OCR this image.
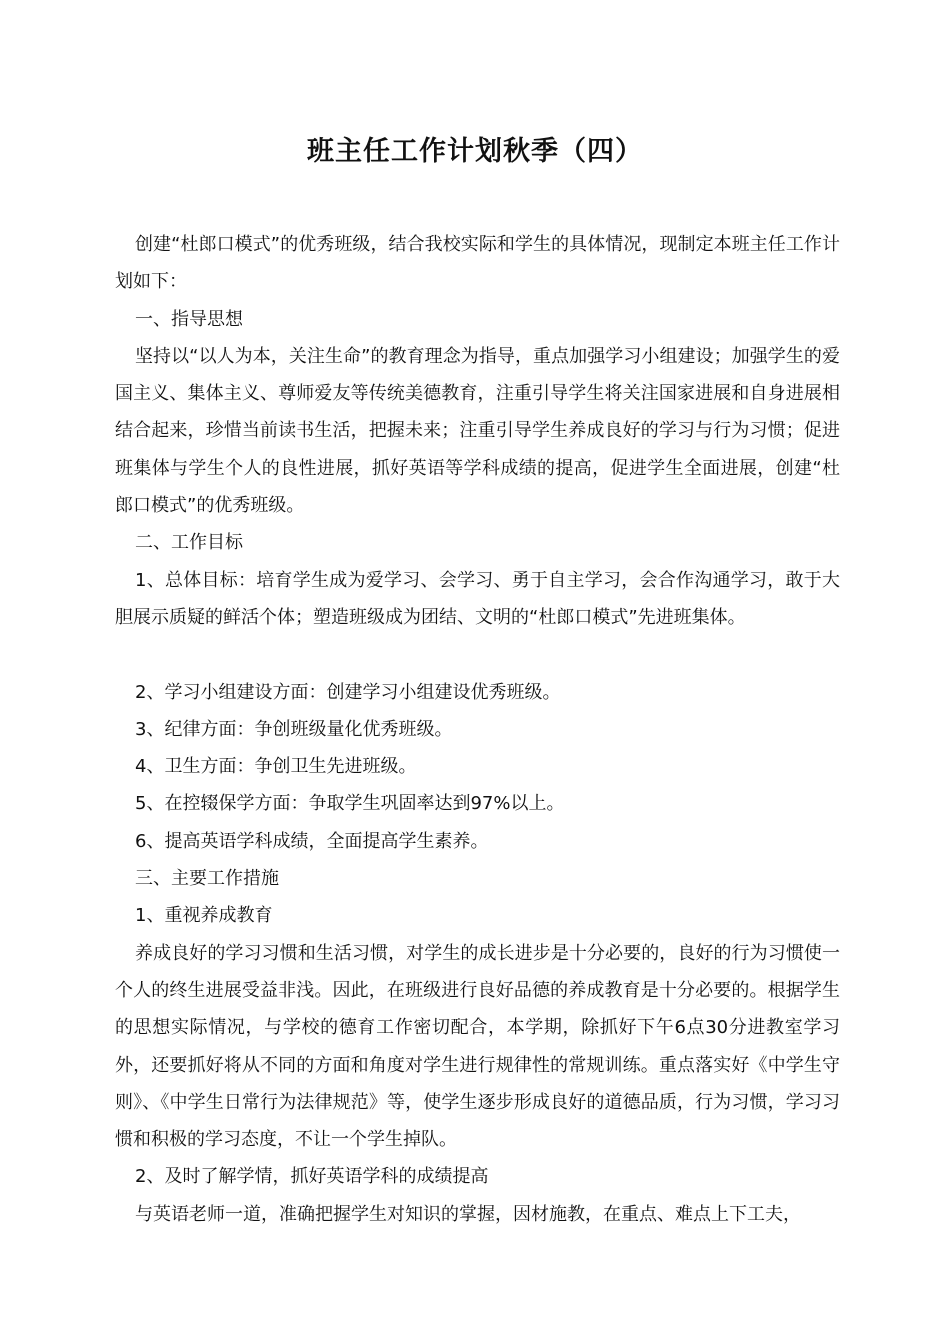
班主任工作计划秋季（四）

创建“杜郎口模式”的优秀班级，结合我校实际和学生的具体情况，现制定本班主任工作计划如下：

一、指导思想

坚持以“以人为本，关注生命”的教育理念为指导，重点加强学习小组建设；加强学生的爱国主义、集体主义、尊师爱友等传统美德教育，注重引导学生将关注国家进展和自身进展相结合起来，珍惜当前读书生活，把握未来；注重引导学生养成良好的学习与行为习惯；促进班集体与学生个人的良性进展，抓好英语等学科成绩的提高，促进学生全面进展，创建“杜郎口模式”的优秀班级。

二、工作目标

1、总体目标：培育学生成为爱学习、会学习、勇于自主学习，会合作沟通学习，敢于大胆展示质疑的鲜活个体；塑造班级成为团结、文明的“杜郎口模式”先进班集体。

2、学习小组建设方面：创建学习小组建设优秀班级。

3、纪律方面：争创班级量化优秀班级。

4、卫生方面：争创卫生先进班级。

5、在控辍保学方面：争取学生巩固率达到97%以上。

6、提高英语学科成绩，全面提高学生素养。

三、主要工作措施

1、重视养成教育

养成良好的学习习惯和生活习惯，对学生的成长进步是十分必要的，良好的行为习惯使一个人的终生进展受益非浅。因此，在班级进行良好品德的养成教育是十分必要的。根据学生的思想实际情况，与学校的德育工作密切配合，本学期，除抓好下午6点30分进教室学习外，还要抓好将从不同的方面和角度对学生进行规律性的常规训练。重点落实好《中学生守则》、《中学生日常行为法律规范》等，使学生逐步形成良好的道德品质，行为习惯，学习习惯和积极的学习态度，不让一个学生掉队。

2、及时了解学情，抓好英语学科的成绩提高

与英语老师一道，准确把握学生对知识的掌握，因材施教，在重点、难点上下工夫，
